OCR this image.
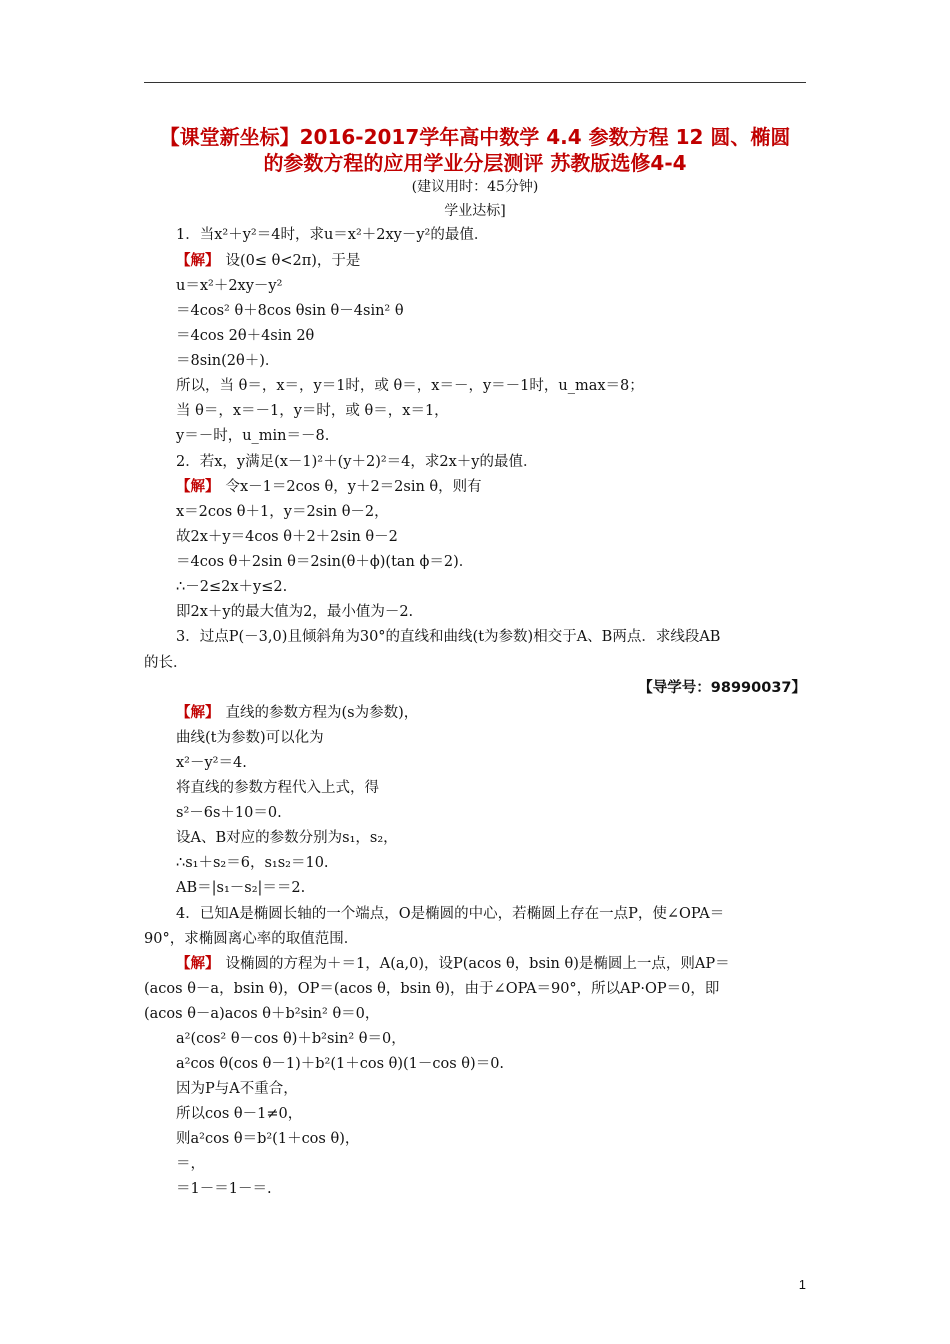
【课堂新坐标】2016-2017学年高中数学 4.4 参数方程 12 圆、椭圆
的参数方程的应用学业分层测评 苏教版选修4-4
(建议用时：45分钟)
学业达标]
1．当x²＋y²＝4时，求u＝x²＋2xy－y²的最值．
【解】 设(0≤ θ<2π)，于是
u＝x²＋2xy－y²
＝4cos² θ＋8cos θsin θ－4sin² θ
＝4cos 2θ＋4sin 2θ
＝8sin(2θ＋)．
所以，当 θ＝，x＝，y＝1时，或 θ＝，x＝－，y＝－1时，u_max＝8；
当 θ＝，x＝－1，y＝时，或 θ＝，x＝1，
y＝－时，u_min＝－8.
2．若x，y满足(x－1)²＋(y＋2)²＝4，求2x＋y的最值．
【解】 令x－1＝2cos θ，y＋2＝2sin θ，则有
x＝2cos θ＋1，y＝2sin θ－2，
故2x＋y＝4cos θ＋2＋2sin θ－2
＝4cos θ＋2sin θ＝2sin(θ＋ϕ)(tan ϕ＝2)．
∴－2≤2x＋y≤2.
即2x＋y的最大值为2，最小值为－2.
3．过点P(－3,0)且倾斜角为30°的直线和曲线(t为参数)相交于A、B两点．求线段AB
的长．
【导学号：98990037】
【解】 直线的参数方程为(s为参数)，
曲线(t为参数)可以化为
x²－y²＝4.
将直线的参数方程代入上式，得
s²－6s＋10＝0.
设A、B对应的参数分别为s₁，s₂，
∴s₁＋s₂＝6，s₁s₂＝10.
AB＝|s₁－s₂|＝＝2.
4．已知A是椭圆长轴的一个端点，O是椭圆的中心，若椭圆上存在一点P，使∠OPA＝
90°，求椭圆离心率的取值范围．
【解】 设椭圆的方程为＋＝1，A(a,0)，设P(acos θ，bsin θ)是椭圆上一点，则AP＝
(acos θ－a，bsin θ)，OP＝(acos θ，bsin θ)，由于∠OPA＝90°，所以AP·OP＝0，即
(acos θ－a)acos θ＋b²sin² θ＝0，
a²(cos² θ－cos θ)＋b²sin² θ＝0，
a²cos θ(cos θ－1)＋b²(1＋cos θ)(1－cos θ)＝0.
因为P与A不重合，
所以cos θ－1≠0，
则a²cos θ＝b²(1＋cos θ)，
＝，
＝1－＝1－＝.
1
